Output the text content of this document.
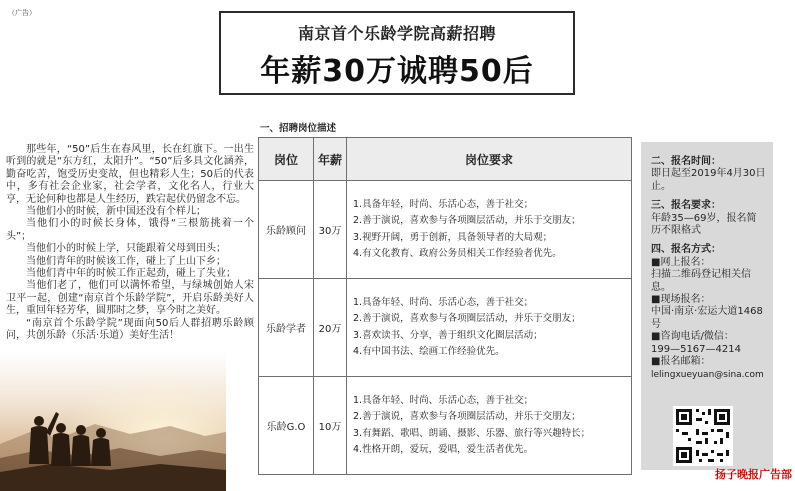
（广告）
南京首个乐龄学院高薪招聘
年薪30万诚聘50后

那些年，“50”后生在春风里，长在红旗下。一出生听到的就是“东方红，太阳升”。“50”后多具文化涵养，勤奋吃苦，饱受历史变故，但也精彩人生；50后的代表中，多有社会企业家，社会学者，文化名人，行业大亨，无论何种也都是人生经历，跌宕起伏仍留念不忘。

当他们小的时候，新中国还没有个样儿；

当他们小的时候长身体，饿得“三根筋挑着一个头”；

当他们小的时候上学，只能跟着父母到田头；

当他们青年的时候该工作，碰上了上山下乡；

当他们青中年的时候工作正起劲，碰上了失业；

当他们老了，他们可以满怀希望，与绿城创始人宋卫平一起，创建“南京首个乐龄学院”，开启乐龄美好人生，重回年轻芳华，圆那时之梦，享今时之美好。

“南京首个乐龄学院”现面向50后人群招聘乐龄顾问，共创乐龄（乐活·乐道）美好生活！

一、招聘岗位描述
岗位	年薪	岗位要求
乐龄顾问	30万	1.具备年轻，时尚、乐活心态，善于社交；
2.善于演说，喜欢参与各项圈层活动，并乐于交朋友；
3.视野开阔，勇于创新，具备领导者的大局观；
4.有文化教育、政府公务员相关工作经验者优先。

乐龄学者	20万	1.具备年轻、时尚、乐活心态，善于社交；
2.善于演说，喜欢参与各项圈层活动，并乐于交朋友；
3.喜欢读书、分享，善于组织文化圈层活动；
4.有中国书法、绘画工作经验优先。

乐龄G.O	10万	1.具备年轻、时尚、乐活心态，善于社交；
2.善于演说，喜欢参与各项圈层活动，并乐于交朋友；
3.有舞蹈、歌唱、朗诵、摄影、乐器、旅行等兴趣特长；
4.性格开朗，爱玩，爱唱，爱生活者优先。
二、报名时间：
即日起至2019年4月30日止。
三、报名要求：
年龄35—69岁，报名简历不限格式
四、报名方式：
■网上报名：
扫描二维码登记相关信息。
■现场报名：
中国·南京·宏运大道1468号
■咨询电话/微信：
199—5167—4214
■报名邮箱：
lelingxueyuan@sina.com
扬子晚报广告部
